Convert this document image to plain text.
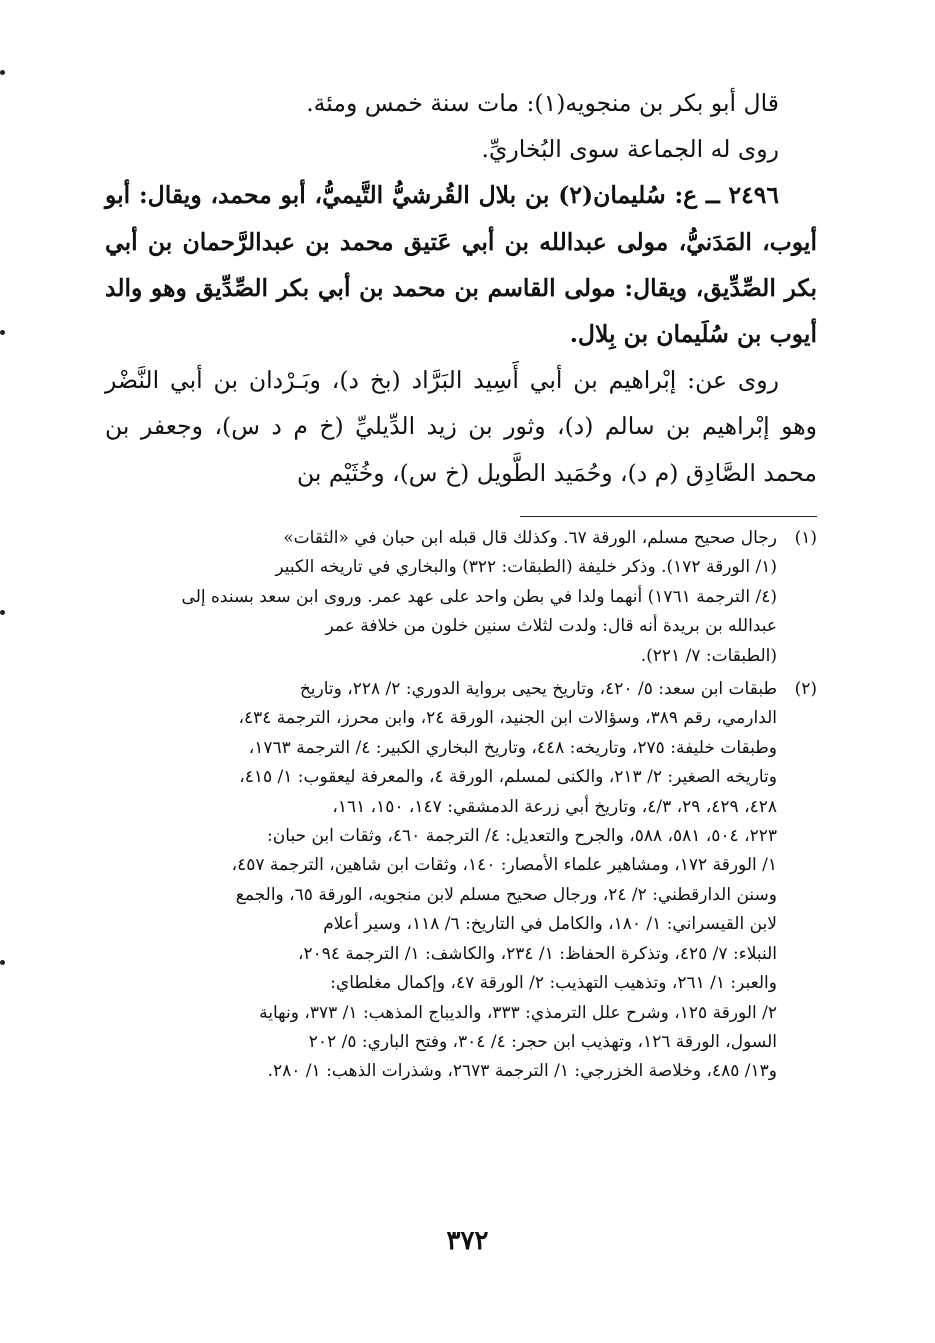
قال أبو بكر بن منجويه(١): مات سنة خمس ومئة.

روى له الجماعة سوى البُخاريِّ.

٢٤٩٦ ــ ع: سُليمان(٢) بن بلال القُرشيُّ التَّيميُّ، أبو محمد، ويقال: أبو أيوب، المَدَنيُّ، مولى عبدالله بن أبي عَتيق محمد بن عبدالرَّحمان بن أبي بكر الصِّدِّيق، ويقال: مولى القاسم بن محمد بن أبي بكر الصِّدِّيق وهو والد أيوب بن سُلَيمان بن بِلال.

روى عن: إبْراهيم بن أبي أَسِيد البَرَّاد (بخ د)، وبَـرْدان بن أبي النَّضْر وهو إبْراهيم بن سالم (د)، وثور بن زيد الدِّيليِّ (خ م د س)، وجعفر بن محمد الصَّادِق (م د)، وحُمَيد الطَّويل (خ س)، وخُثَيْم بن

(١)
رجال صحيح مسلم، الورقة ٦٧. وكذلك قال قبله ابن حبان في «الثقات»
(١/ الورقة ١٧٢). وذكر خليفة (الطبقات: ٣٢٢) والبخاري في تاريخه الكبير
(٤/ الترجمة ١٧٦١) أنهما ولدا في بطن واحد على عهد عمر. وروى ابن سعد بسنده إلى
عبدالله بن بريدة أنه قال: ولدت لثلاث سنين خلون من خلافة عمر
(الطبقات: ٧/ ٢٢١).
(٢)
طبقات ابن سعد: ٥/ ٤٢٠، وتاريخ يحيى برواية الدوري: ٢/ ٢٢٨، وتاريخ
الدارمي، رقم ٣٨٩، وسؤالات ابن الجنيد، الورقة ٢٤، وابن محرز، الترجمة ٤٣٤،
وطبقات خليفة: ٢٧٥، وتاريخه: ٤٤٨، وتاريخ البخاري الكبير: ٤/ الترجمة ١٧٦٣،
وتاريخه الصغير: ٢/ ٢١٣، والكنى لمسلم، الورقة ٤، والمعرفة ليعقوب: ١/ ٤١٥،
٤٢٨، ٤٢٩، ٢٩، ٤/٣، وتاريخ أبي زرعة الدمشقي: ١٤٧، ١٥٠، ١٦١،
٢٢٣، ٥٠٤، ٥٨١، ٥٨٨، والجرح والتعديل: ٤/ الترجمة ٤٦٠، وثقات ابن حبان:
١/ الورقة ١٧٢، ومشاهير علماء الأمصار: ١٤٠، وثقات ابن شاهين، الترجمة ٤٥٧،
وسنن الدارقطني: ٢/ ٢٤، ورجال صحيح مسلم لابن منجويه، الورقة ٦٥، والجمع
لابن القيسراني: ١/ ١٨٠، والكامل في التاريخ: ٦/ ١١٨، وسير أعلام
النبلاء: ٧/ ٤٢٥، وتذكرة الحفاظ: ١/ ٢٣٤، والكاشف: ١/ الترجمة ٢٠٩٤،
والعبر: ١/ ٢٦١، وتذهيب التهذيب: ٢/ الورقة ٤٧، وإكمال مغلطاي:
٢/ الورقة ١٢٥، وشرح علل الترمذي: ٣٣٣، والديباج المذهب: ١/ ٣٧٣، ونهاية
السول، الورقة ١٢٦، وتهذيب ابن حجر: ٤/ ٣٠٤، وفتح الباري: ٥/ ٢٠٢
و١٣/ ٤٨٥، وخلاصة الخزرجي: ١/ الترجمة ٢٦٧٣، وشذرات الذهب: ١/ ٢٨٠.
٣٧٢
